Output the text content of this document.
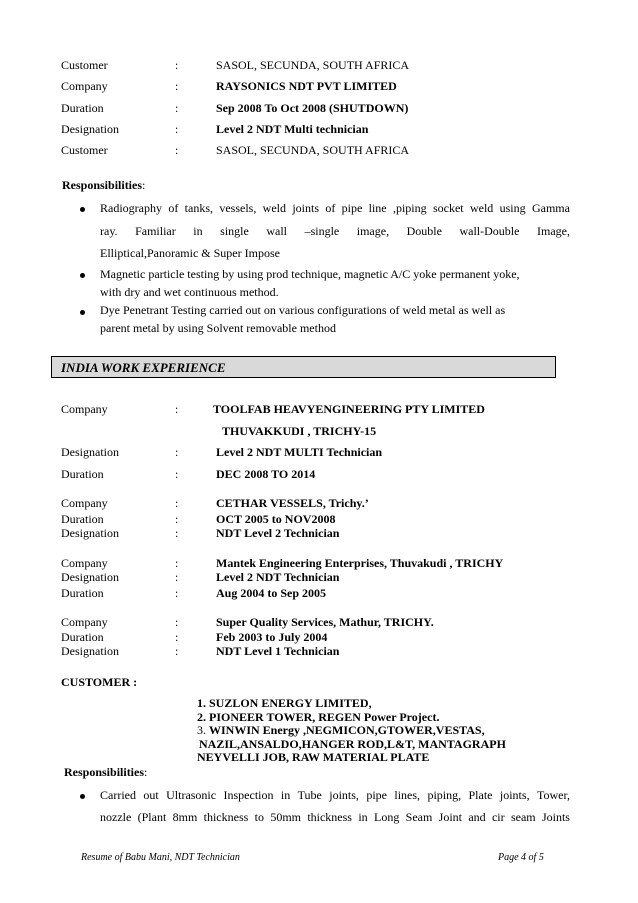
Customer	:	SASOL, SECUNDA, SOUTH AFRICA
Company	:	RAYSONICS NDT PVT LIMITED
Duration	:	Sep 2008 To Oct 2008 (SHUTDOWN)
Designation	:	Level 2 NDT Multi technician
Customer	:	SASOL, SECUNDA, SOUTH AFRICA
Responsibilities:
Radiography of tanks, vessels, weld joints of pipe line ,piping socket weld using Gamma
ray. Familiar in single wall –single image, Double wall-Double Image,
Elliptical,Panoramic & Super Impose
Magnetic particle testing by using prod technique, magnetic A/C yoke permanent yoke,
with dry and wet continuous method.
Dye Penetrant Testing carried out on various configurations of weld metal as well as
parent metal by using Solvent removable method
INDIA WORK EXPERIENCE
Company	:	TOOLFAB HEAVYENGINEERING PTY LIMITED
THUVAKKUDI , TRICHY-15
Designation	:	Level 2 NDT MULTI Technician
Duration	:	DEC 2008 TO 2014
Company	:	CETHAR VESSELS, Trichy.’
Duration	:	OCT 2005 to NOV2008
Designation	:	NDT Level 2 Technician
Company	:	Mantek Engineering Enterprises, Thuvakudi , TRICHY
Designation	:	Level 2 NDT Technician
Duration	:	Aug 2004 to Sep 2005
Company	:	Super Quality Services, Mathur, TRICHY.
Duration	:	Feb 2003 to July 2004
Designation	:	NDT Level 1 Technician
CUSTOMER :
1. SUZLON ENERGY LIMITED,
2. PIONEER TOWER, REGEN Power Project.
3. WINWIN Energy ,NEGMICON,GTOWER,VESTAS,
NAZIL,ANSALDO,HANGER ROD,L&T, MANTAGRAPH
NEYVELLI JOB, RAW MATERIAL PLATE
Responsibilities:
Carried out Ultrasonic Inspection in Tube joints, pipe lines, piping, Plate joints, Tower,
nozzle (Plant 8mm thickness to 50mm thickness in Long Seam Joint and cir seam Joints
Resume of Babu Mani, NDT Technician	Page 4 of 5
